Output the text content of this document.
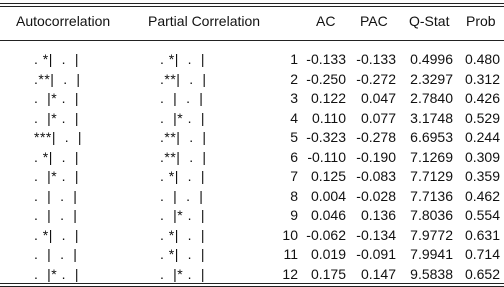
Autocorrelation	Partial Correlation	AC PAC Q-Stat Prob
. *|  .  |	. *|  .  |	1 -0.133 -0.133	0.4996 0.480
.**|  .  |	.**|  .  |	2 -0.250 -0.272	2.3297 0.312
.  |* .  |	.  |  .  |	3 0.122	0.047	2.7840 0.426
.  |* .  |	.  |* .  |	4	0.110	0.077	3.1748 0.529
***|  .  |	.**|  .  |	5 -0.323 -0.278	6.6953 0.244
. *|  .  |	.**|  .  |	6 -0.110 -0.190	7.1269 0.309
.  |* .  |	. *|  .  |	7 0.125 -0.083	7.7129 0.359
.  |  .  |	.  |  .  |	8 0.004 -0.028	7.7136 0.462
.  |  .  |	.  |* .  |	9 0.046	0.136	7.8036 0.554
. *|  .  |	. *|  .  |	10 -0.062 -0.134	7.9772 0.631
.  |  .  |	. *|  .  |	11 0.019 -0.091	7.9941 0.714
.  |* .  |	.  |* .  |	12 0.175	0.147	9.5838 0.652
